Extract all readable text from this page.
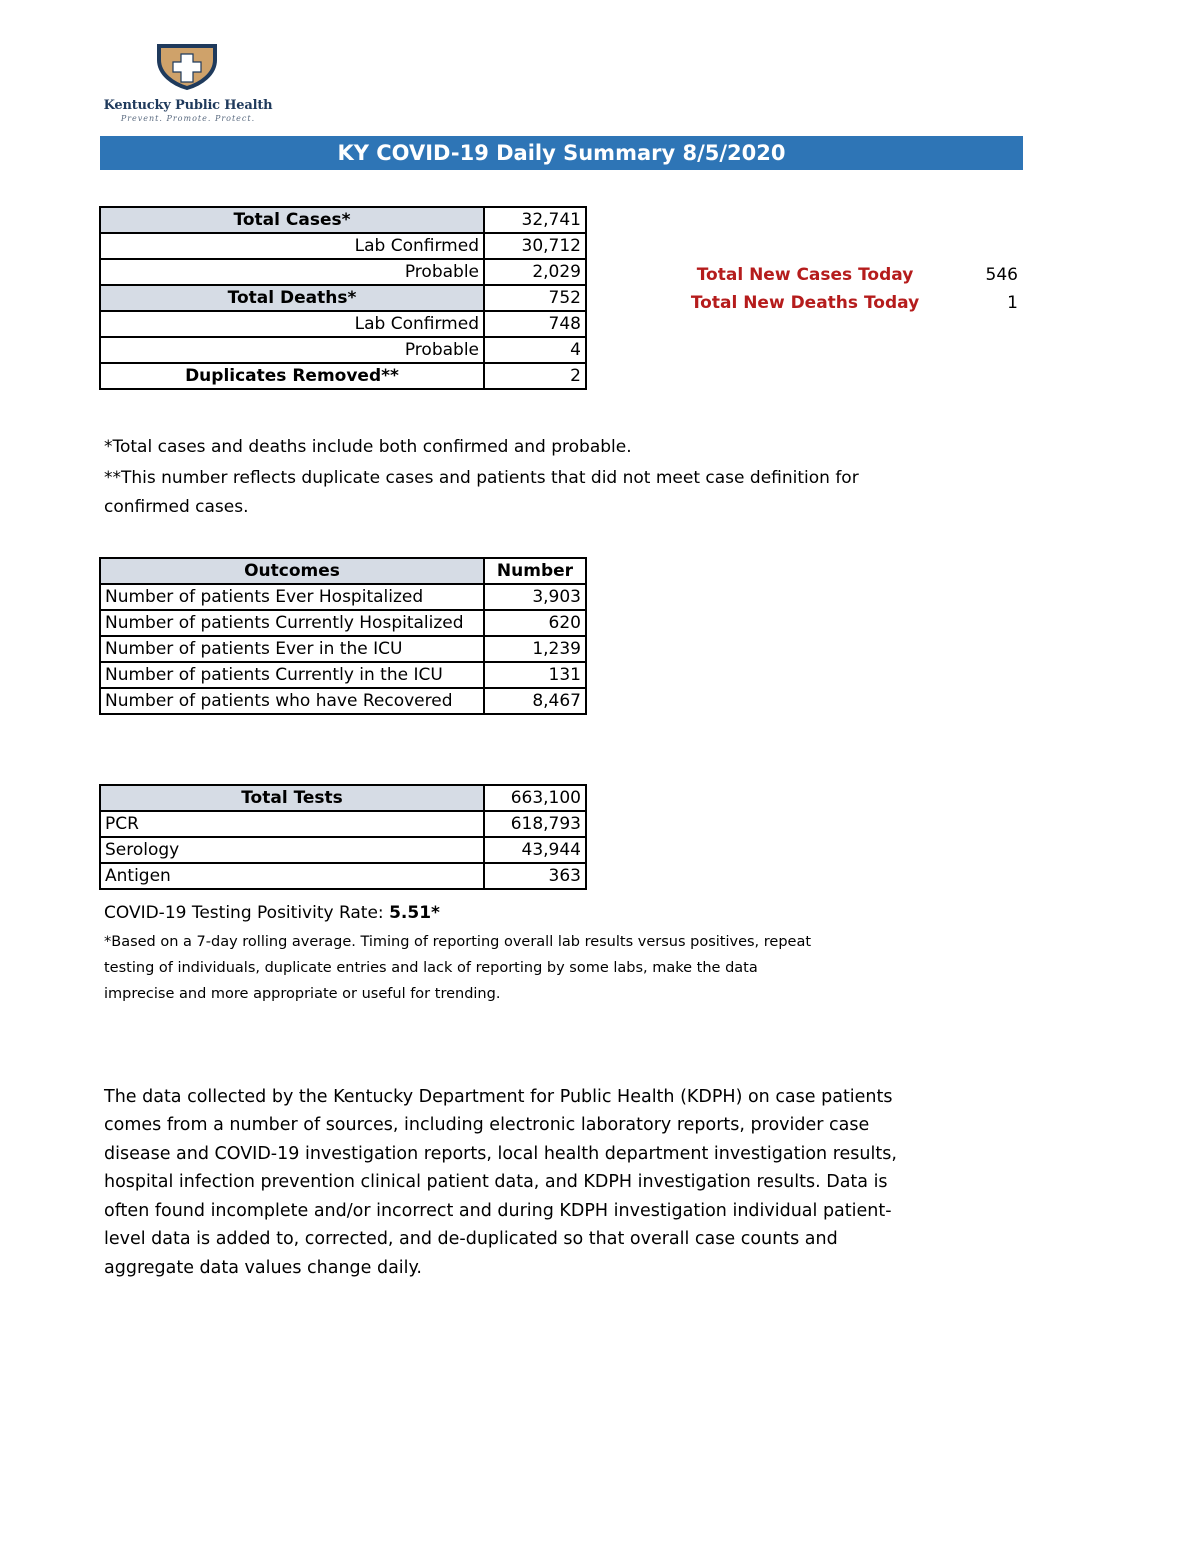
Kentucky Public Health
Prevent. Promote. Protect.
KY COVID-19 Daily Summary 8/5/2020
Total Cases*	32,741
Lab Confirmed	30,712
Probable	2,029
Total Deaths*	752
Lab Confirmed	748
Probable	4
Duplicates Removed**	2
Total New Cases Today	546
Total New Deaths Today	1
*Total cases and deaths include both confirmed and probable.
**This number reflects duplicate cases and patients that did not meet case definition for
confirmed cases.
Outcomes	Number
Number of patients Ever Hospitalized	3,903
Number of patients Currently Hospitalized	620
Number of patients Ever in the ICU	1,239
Number of patients Currently in the ICU	131
Number of patients who have Recovered	8,467
Total Tests	663,100
PCR	618,793
Serology	43,944
Antigen	363
COVID-19 Testing Positivity Rate: 5.51*
*Based on a 7-day rolling average. Timing of reporting overall lab results versus positives, repeat
testing of individuals, duplicate entries and lack of reporting by some labs, make the data
imprecise and more appropriate or useful for trending.
The data collected by the Kentucky Department for Public Health (KDPH) on case patients
comes from a number of sources, including electronic laboratory reports, provider case
disease and COVID-19 investigation reports, local health department investigation results,
hospital infection prevention clinical patient data, and KDPH investigation results. Data is
often found incomplete and/or incorrect and during KDPH investigation individual patient-
level data is added to, corrected, and de-duplicated so that overall case counts and
aggregate data values change daily.
